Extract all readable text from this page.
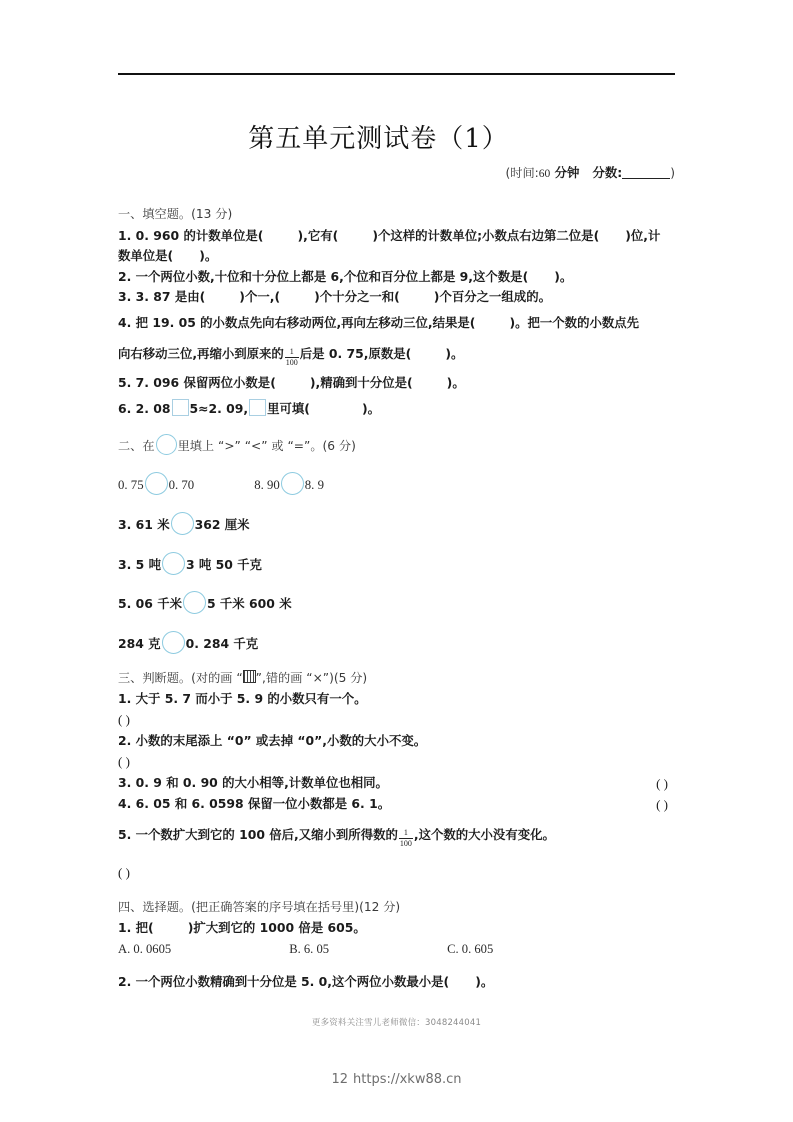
第五单元测试卷（1）
(时间:60 分钟 分数:	)

一、填空题。(13 分)

1. 0. 960 的计数单位是(	),它有(	)个这样的计数单位;小数点右边第二位是( )位,计

数单位是( )。

2. 一个两位小数,十位和十分位上都是 6,个位和百分位上都是 9,这个数是( )。

3. 3. 87 是由(	)个一,(	)个十分之一和(	)个百分之一组成的。

4. 把 19. 05 的小数点先向右移动两位,再向左移动三位,结果是(	)。把一个数的小数点先

向右移动三位,再缩小到原来的 $\frac{1}{100}$ 后是 0. 75,原数是(	)。

5. 7. 096 保留两位小数是(	),精确到十分位是(	)。

6. 2. 08 5≈2. 09, 里可填(	)。

二、在 里填上 “>” “<” 或 “=”。(6 分)

0. 75 0. 70	8. 90 8. 9

3. 61 米 362 厘米

3. 5 吨 3 吨 50 千克

5. 06 千米 5 千米 600 米

284 克 0. 284 千克

三、判断题。(对的画 “ ”,错的画 “×”)(5 分)

1. 大于 5. 7 而小于 5. 9 的小数只有一个。

( )

2. 小数的末尾添上 “0” 或去掉 “0”,小数的大小不变。

( )

3. 0. 9 和 0. 90 的大小相等,计数单位也相同。	( )

4. 6. 05 和 6. 0598 保留一位小数都是 6. 1。	( )

5. 一个数扩大到它的 100 倍后,又缩小到所得数的 $\frac{1}{100}$ ,这个数的大小没有变化。

( )

四、选择题。(把正确答案的序号填在括号里)(12 分)

1. 把(	)扩大到它的 1000 倍是 605。

A. 0. 0605	B. 6. 05	C. 0. 605

2. 一个两位小数精确到十分位是 5. 0,这个两位小数最小是( )。

更多资料关注雪儿老师微信：3048244041
12 https://xkw88.cn
